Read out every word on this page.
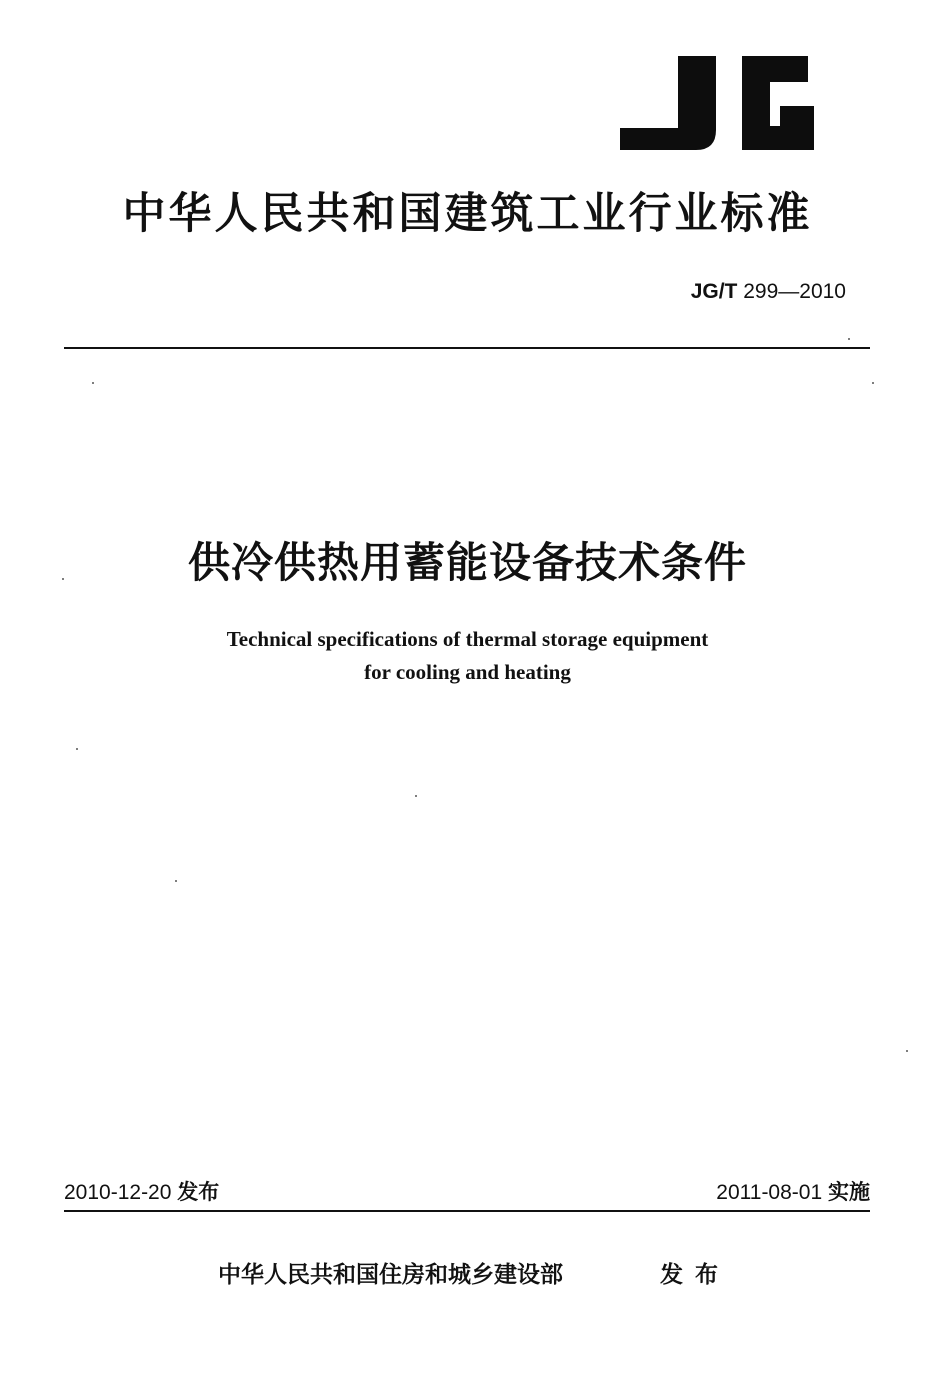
中华人民共和国建筑工业行业标准
JG/T 299—2010
供冷供热用蓄能设备技术条件
Technical specifications of thermal storage equipment
for cooling and heating
2010-12-20 发布	2011-08-01 实施
中华人民共和国住房和城乡建设部	发布
